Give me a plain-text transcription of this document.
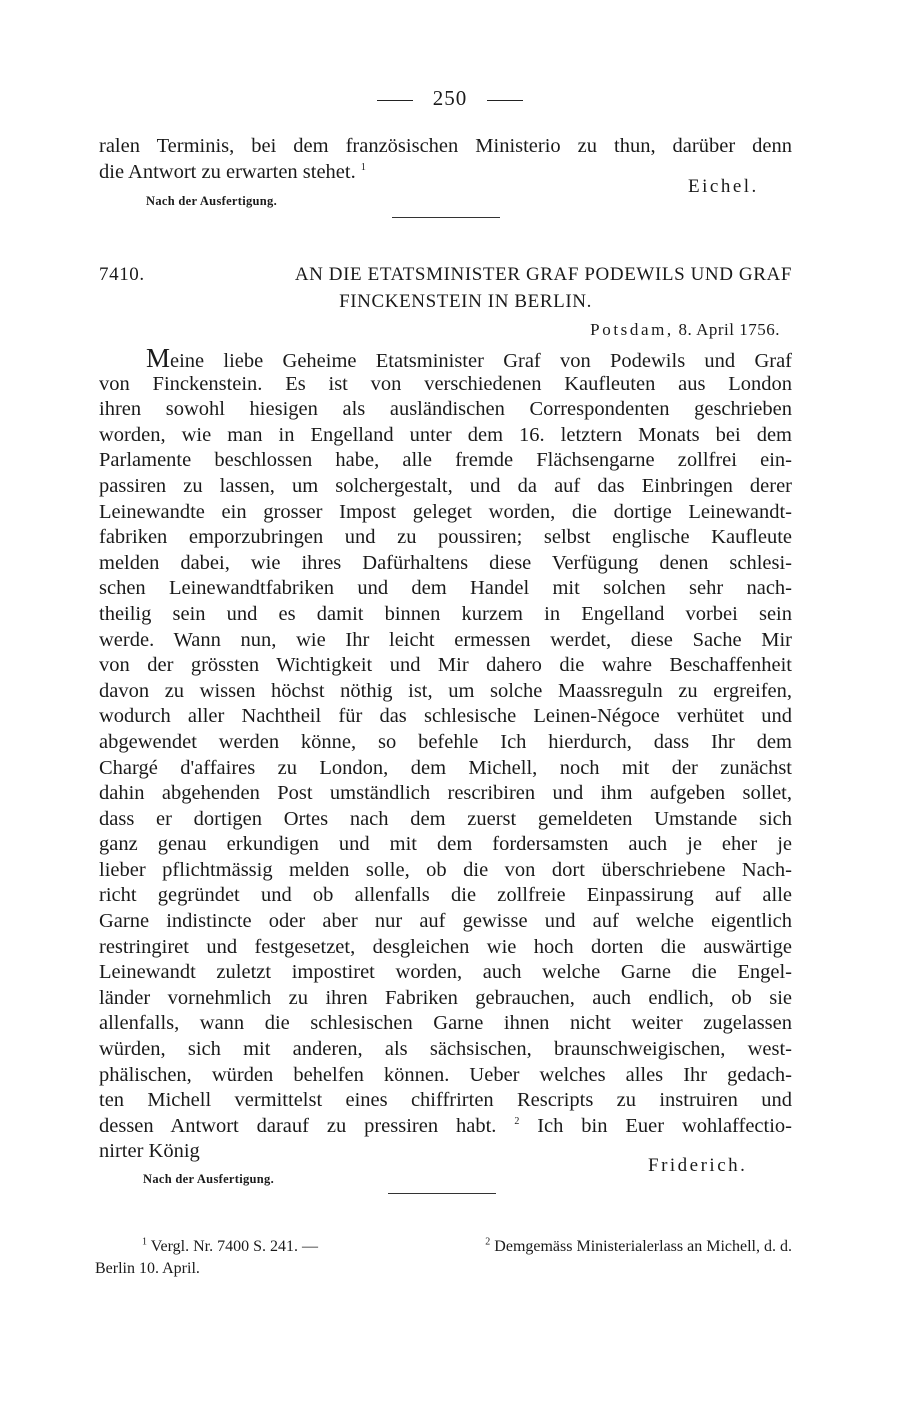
250
ralen Terminis, bei dem französischen Ministerio zu thun, darüber denn
die Antwort zu erwarten stehet. $^1$
Eichel.
Nach der Ausfertigung.
7410.	AN DIE ETATSMINISTER GRAF PODEWILS UND GRAF
FINCKENSTEIN IN BERLIN.
Potsdam, 8. April 1756.
Meine liebe Geheime Etatsminister Graf von Podewils und Graf
von Finckenstein. Es ist von verschiedenen Kaufleuten aus London
ihren sowohl hiesigen als ausländischen Correspondenten geschrieben
worden, wie man in Engelland unter dem 16. letztern Monats bei dem
Parlamente beschlossen habe, alle fremde Flächsengarne zollfrei ein-
passiren zu lassen, um solchergestalt, und da auf das Einbringen derer
Leinewandte ein grosser Impost geleget worden, die dortige Leinewandt-
fabriken emporzubringen und zu poussiren; selbst englische Kaufleute
melden dabei, wie ihres Dafürhaltens diese Verfügung denen schlesi-
schen Leinewandtfabriken und dem Handel mit solchen sehr nach-
theilig sein und es damit binnen kurzem in Engelland vorbei sein
werde. Wann nun, wie Ihr leicht ermessen werdet, diese Sache Mir
von der grössten Wichtigkeit und Mir dahero die wahre Beschaffenheit
davon zu wissen höchst nöthig ist, um solche Maassreguln zu ergreifen,
wodurch aller Nachtheil für das schlesische Leinen-Négoce verhütet und
abgewendet werden könne, so befehle Ich hierdurch, dass Ihr dem
Chargé d'affaires zu London, dem Michell, noch mit der zunächst
dahin abgehenden Post umständlich rescribiren und ihm aufgeben sollet,
dass er dortigen Ortes nach dem zuerst gemeldeten Umstande sich
ganz genau erkundigen und mit dem fordersamsten auch je eher je
lieber pflichtmässig melden solle, ob die von dort überschriebene Nach-
richt gegründet und ob allenfalls die zollfreie Einpassirung auf alle
Garne indistincte oder aber nur auf gewisse und auf welche eigentlich
restringiret und festgesetzet, desgleichen wie hoch dorten die auswärtige
Leinewandt zuletzt impostiret worden, auch welche Garne die Engel-
länder vornehmlich zu ihren Fabriken gebrauchen, auch endlich, ob sie
allenfalls, wann die schlesischen Garne ihnen nicht weiter zugelassen
würden, sich mit anderen, als sächsischen, braunschweigischen, west-
phälischen, würden behelfen können. Ueber welches alles Ihr gedach-
ten Michell vermittelst eines chiffrirten Rescripts zu instruiren und
dessen Antwort darauf zu pressiren habt. $^2$ Ich bin Euer wohlaffectio-
nirter König
Friderich.
Nach der Ausfertigung.
$^1$ Vergl. Nr. 7400 S. 241. —	$^2$ Demgemäss Ministerialerlass an Michell, d. d.
Berlin 10. April.
